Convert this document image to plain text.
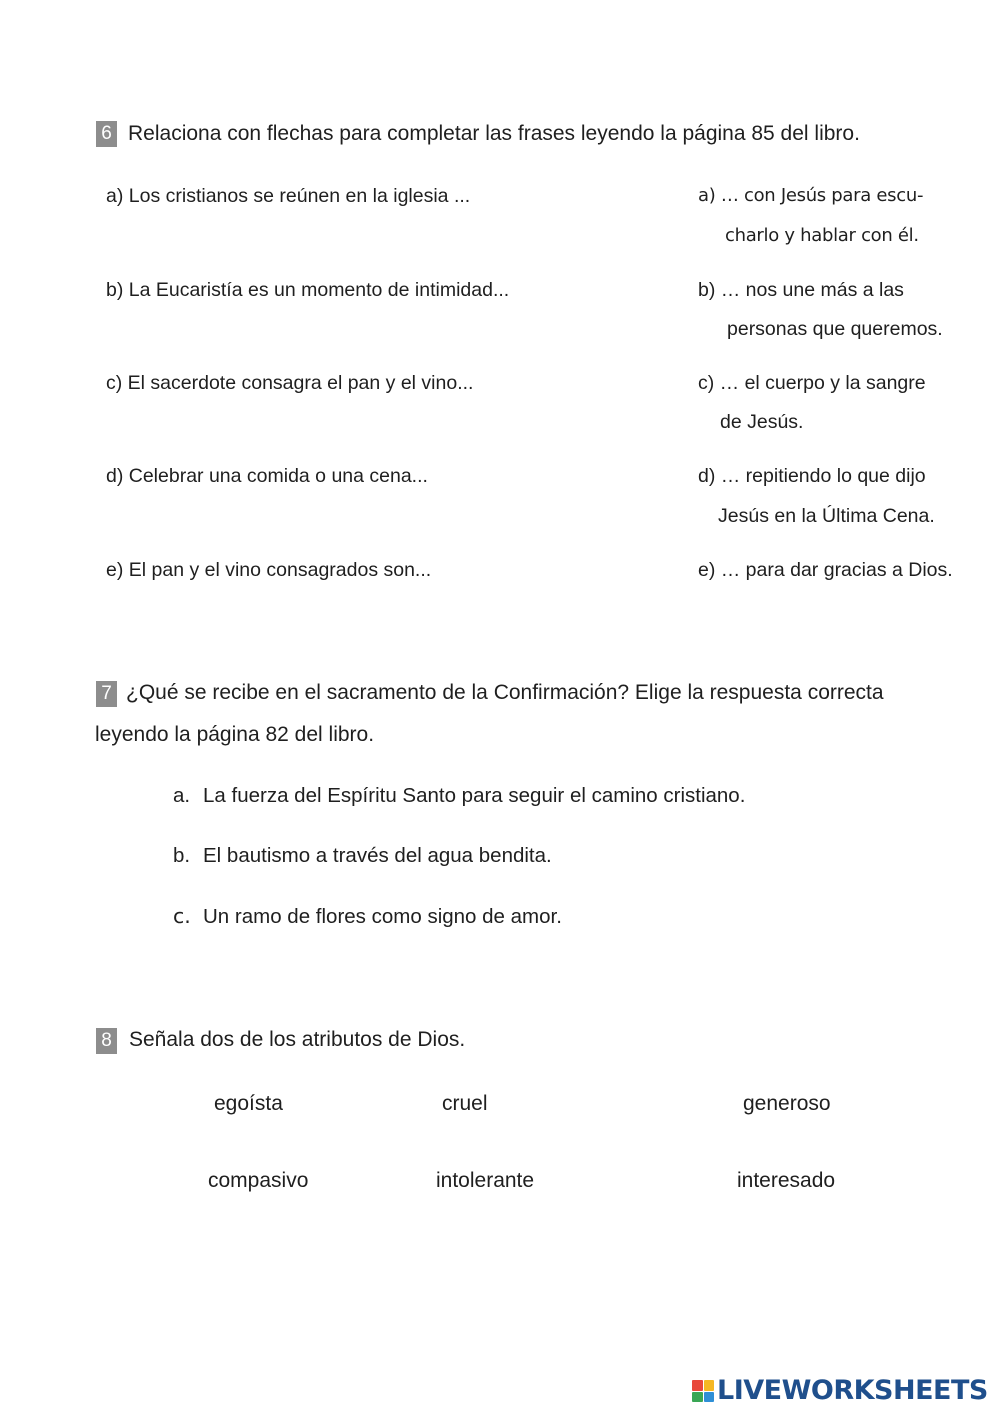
6 Relaciona con flechas para completar las frases leyendo la página 85 del libro.
a) Los cristianos se reúnen en la iglesia ...
b) La Eucaristía es un momento de intimidad...
c) El sacerdote consagra el pan y el vino...
d) Celebrar una comida o una cena...
e) El pan y el vino consagrados son...
a) … con Jesús para escu-
charlo y hablar con él.
b) … nos une más a las
personas que queremos.
c) … el cuerpo y la sangre
de Jesús.
d) … repitiendo lo que dijo
Jesús en la Última Cena.
e) … para dar gracias a Dios.
7 ¿Qué se recibe en el sacramento de la Confirmación? Elige la respuesta correcta
leyendo la página 82 del libro.
a. La fuerza del Espíritu Santo para seguir el camino cristiano.
b. El bautismo a través del agua bendita.
c. Un ramo de flores como signo de amor.
8 Señala dos de los atributos de Dios.
egoísta	cruel	generoso
compasivo	intolerante	interesado
LIVEWORKSHEETS
